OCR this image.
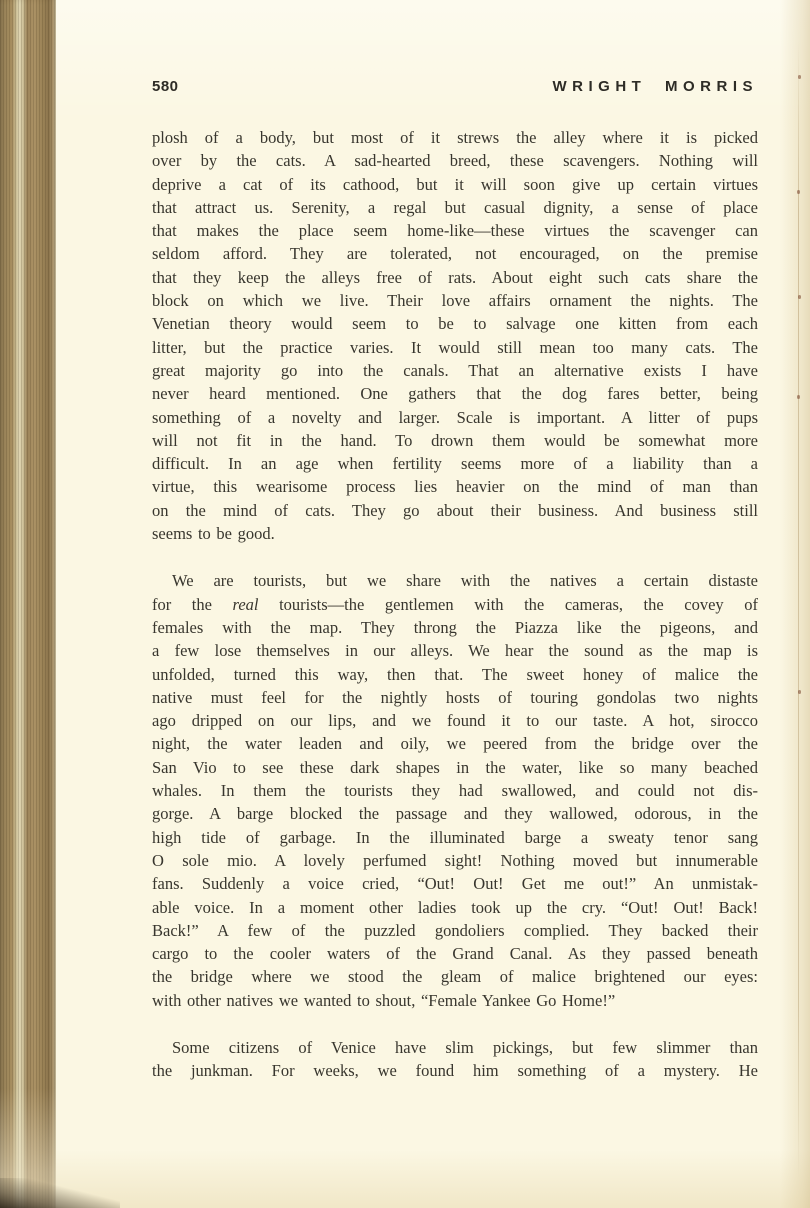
580	WRIGHT MORRIS
plosh of a body, but most of it strews the alley where it is picked
over by the cats. A sad-hearted breed, these scavengers. Nothing will
deprive a cat of its cathood, but it will soon give up certain virtues
that attract us. Serenity, a regal but casual dignity, a sense of place
that makes the place seem home-like—these virtues the scavenger can
seldom afford. They are tolerated, not encouraged, on the premise
that they keep the alleys free of rats. About eight such cats share the
block on which we live. Their love affairs ornament the nights. The
Venetian theory would seem to be to salvage one kitten from each
litter, but the practice varies. It would still mean too many cats. The
great majority go into the canals. That an alternative exists I have
never heard mentioned. One gathers that the dog fares better, being
something of a novelty and larger. Scale is important. A litter of pups
will not fit in the hand. To drown them would be somewhat more
difficult. In an age when fertility seems more of a liability than a
virtue, this wearisome process lies heavier on the mind of man than
on the mind of cats. They go about their business. And business still
seems to be good.
We are tourists, but we share with the natives a certain distaste
for the real tourists—the gentlemen with the cameras, the covey of
females with the map. They throng the Piazza like the pigeons, and
a few lose themselves in our alleys. We hear the sound as the map is
unfolded, turned this way, then that. The sweet honey of malice the
native must feel for the nightly hosts of touring gondolas two nights
ago dripped on our lips, and we found it to our taste. A hot, sirocco
night, the water leaden and oily, we peered from the bridge over the
San Vio to see these dark shapes in the water, like so many beached
whales. In them the tourists they had swallowed, and could not dis-
gorge. A barge blocked the passage and they wallowed, odorous, in the
high tide of garbage. In the illuminated barge a sweaty tenor sang
O sole mio. A lovely perfumed sight! Nothing moved but innumerable
fans. Suddenly a voice cried, “Out! Out! Get me out!” An unmistak-
able voice. In a moment other ladies took up the cry. “Out! Out! Back!
Back!” A few of the puzzled gondoliers complied. They backed their
cargo to the cooler waters of the Grand Canal. As they passed beneath
the bridge where we stood the gleam of malice brightened our eyes:
with other natives we wanted to shout, “Female Yankee Go Home!”
Some citizens of Venice have slim pickings, but few slimmer than
the junkman. For weeks, we found him something of a mystery. He
